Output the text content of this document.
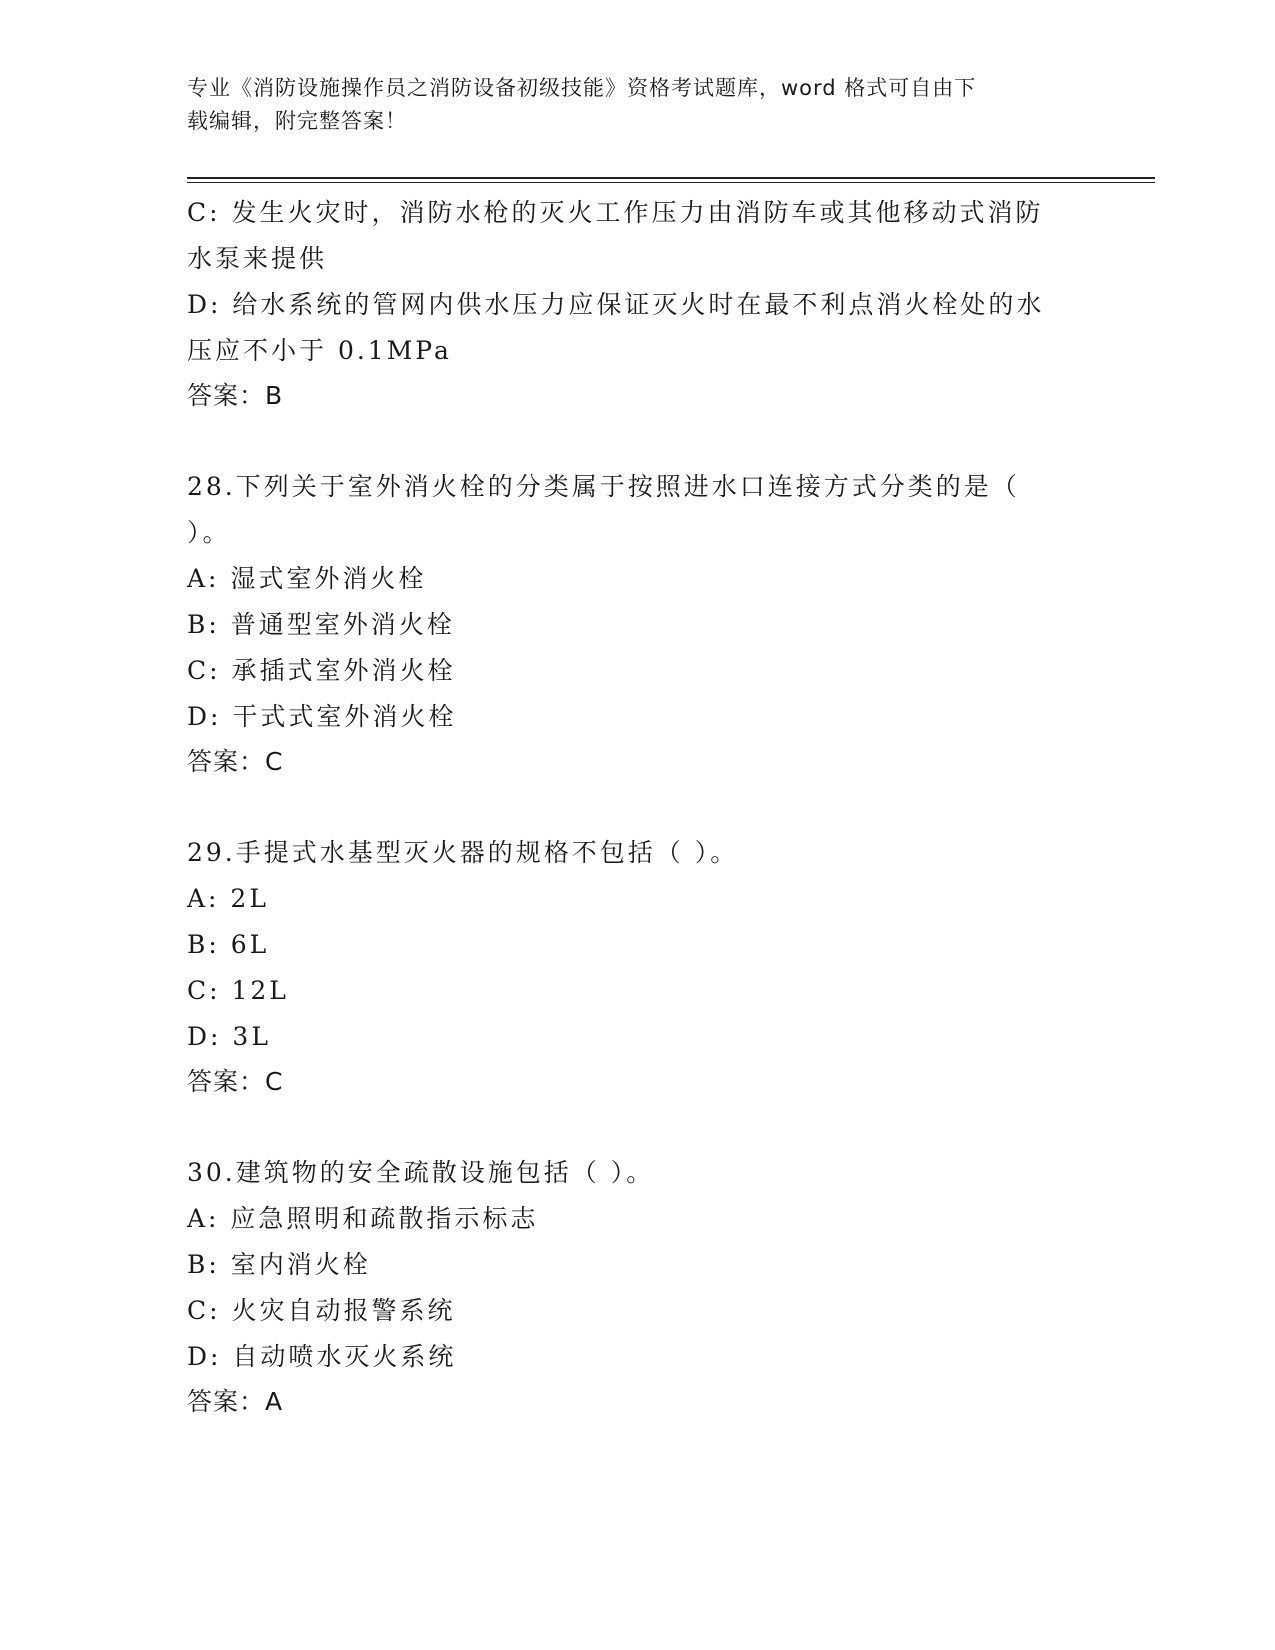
专业《消防设施操作员之消防设备初级技能》资格考试题库，word 格式可自由下
载编辑，附完整答案！
C: 发生火灾时，消防水枪的灭火工作压力由消防车或其他移动式消防
水泵来提供
D: 给水系统的管网内供水压力应保证灭火时在最不利点消火栓处的水
压应不小于 0.1MPa
答案：B
28.下列关于室外消火栓的分类属于按照进水口连接方式分类的是（
）。
A: 湿式室外消火栓
B: 普通型室外消火栓
C: 承插式室外消火栓
D: 干式式室外消火栓
答案：C
29.手提式水基型灭火器的规格不包括（ ）。
A: 2L
B: 6L
C: 12L
D: 3L
答案：C
30.建筑物的安全疏散设施包括（ ）。
A: 应急照明和疏散指示标志
B: 室内消火栓
C: 火灾自动报警系统
D: 自动喷水灭火系统
答案：A
